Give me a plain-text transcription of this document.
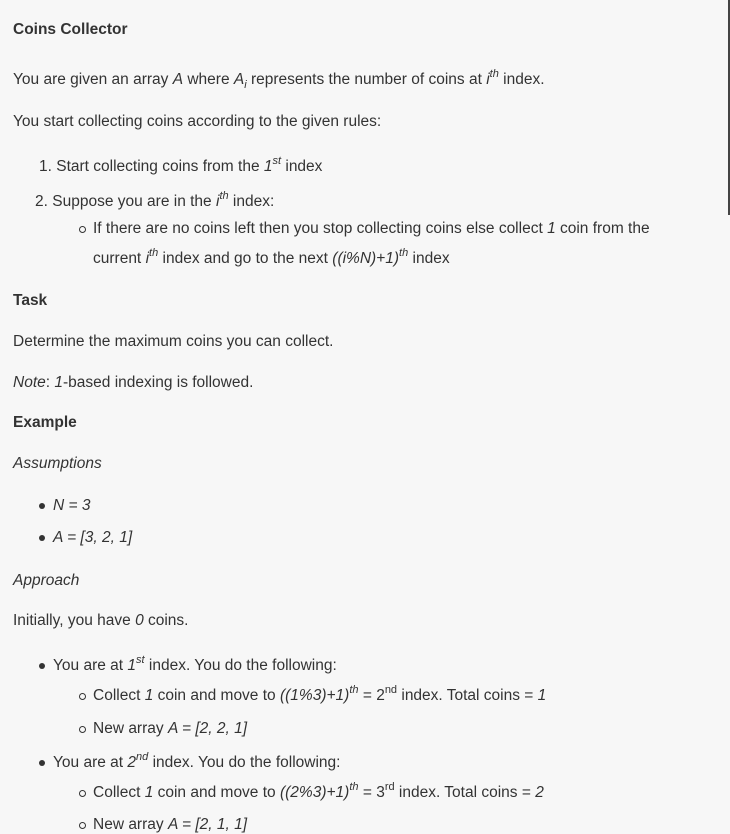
Coins Collector
You are given an array A where $A_i$ represents the number of coins at $i^{th}$ index.
You start collecting coins according to the given rules:
1. Start collecting coins from the 1st index
2. Suppose you are in the $i^{th}$ index:
If there are no coins left then you stop collecting coins else collect 1 coin from the
current $i^{th}$ index and go to the next $((i\%N)+1)^{th}$ index
Task
Determine the maximum coins you can collect.
Note: 1-based indexing is followed.
Example
Assumptions
N = 3
A = [3, 2, 1]
Approach
Initially, you have 0 coins.
You are at 1st index. You do the following:
Collect 1 coin and move to $((1\%3)+1)^{th} = 2nd$ index. Total coins = 1
New array A = [2, 2, 1]
You are at 2nd index. You do the following:
Collect 1 coin and move to $((2\%3)+1)^{th} = 3rd$ index. Total coins = 2
New array A = [2, 1, 1]
